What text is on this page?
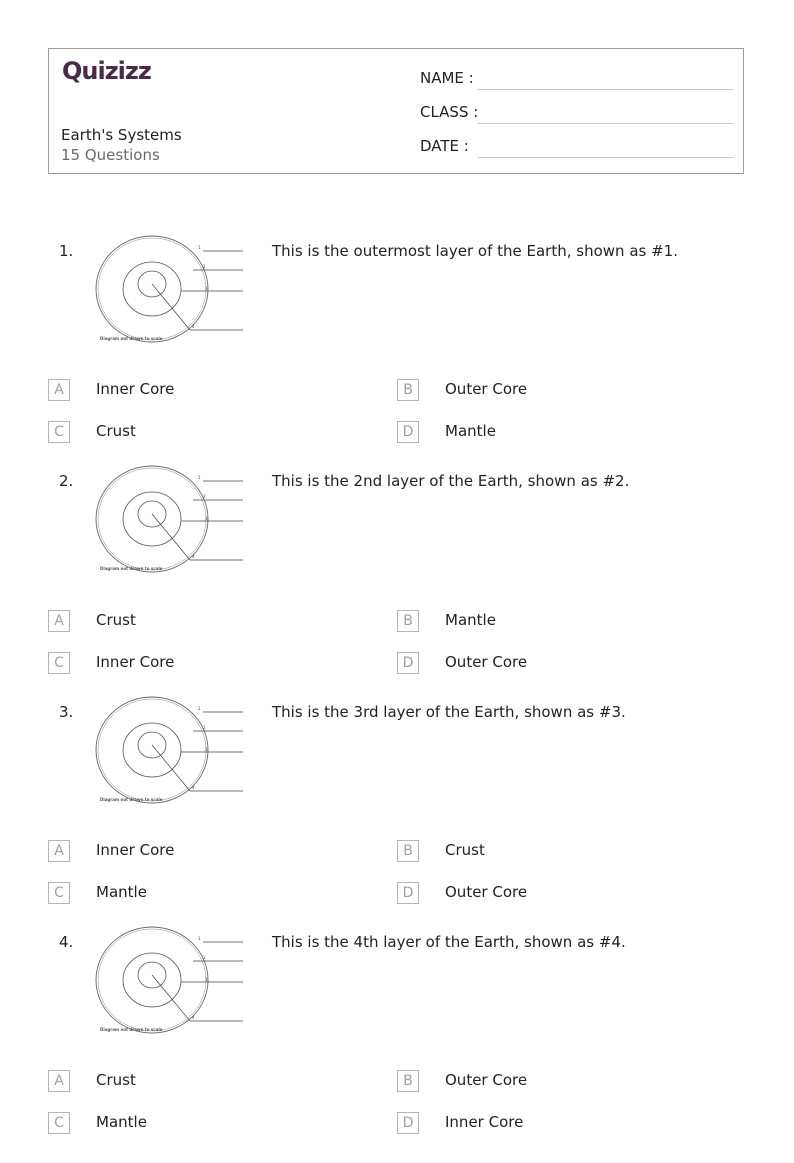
Quizizz
Earth's Systems
15 Questions
NAME :
CLASS :
DATE :
1.	1
2
3
4
Diagram not drawn to scale
This is the outermost layer of the Earth, shown as #1.
A	Inner Core	B	Outer Core
C	Crust	D	Mantle
2.	1
2
3
4
Diagram not drawn to scale
This is the 2nd layer of the Earth, shown as #2.
A	Crust	B	Mantle
C	Inner Core	D	Outer Core
3.	1
2
3
4
Diagram not drawn to scale
This is the 3rd layer of the Earth, shown as #3.
A	Inner Core	B	Crust
C	Mantle	D	Outer Core
4.	1
2
3
4
Diagram not drawn to scale
This is the 4th layer of the Earth, shown as #4.
A	Crust	B	Outer Core
C	Mantle	D	Inner Core
